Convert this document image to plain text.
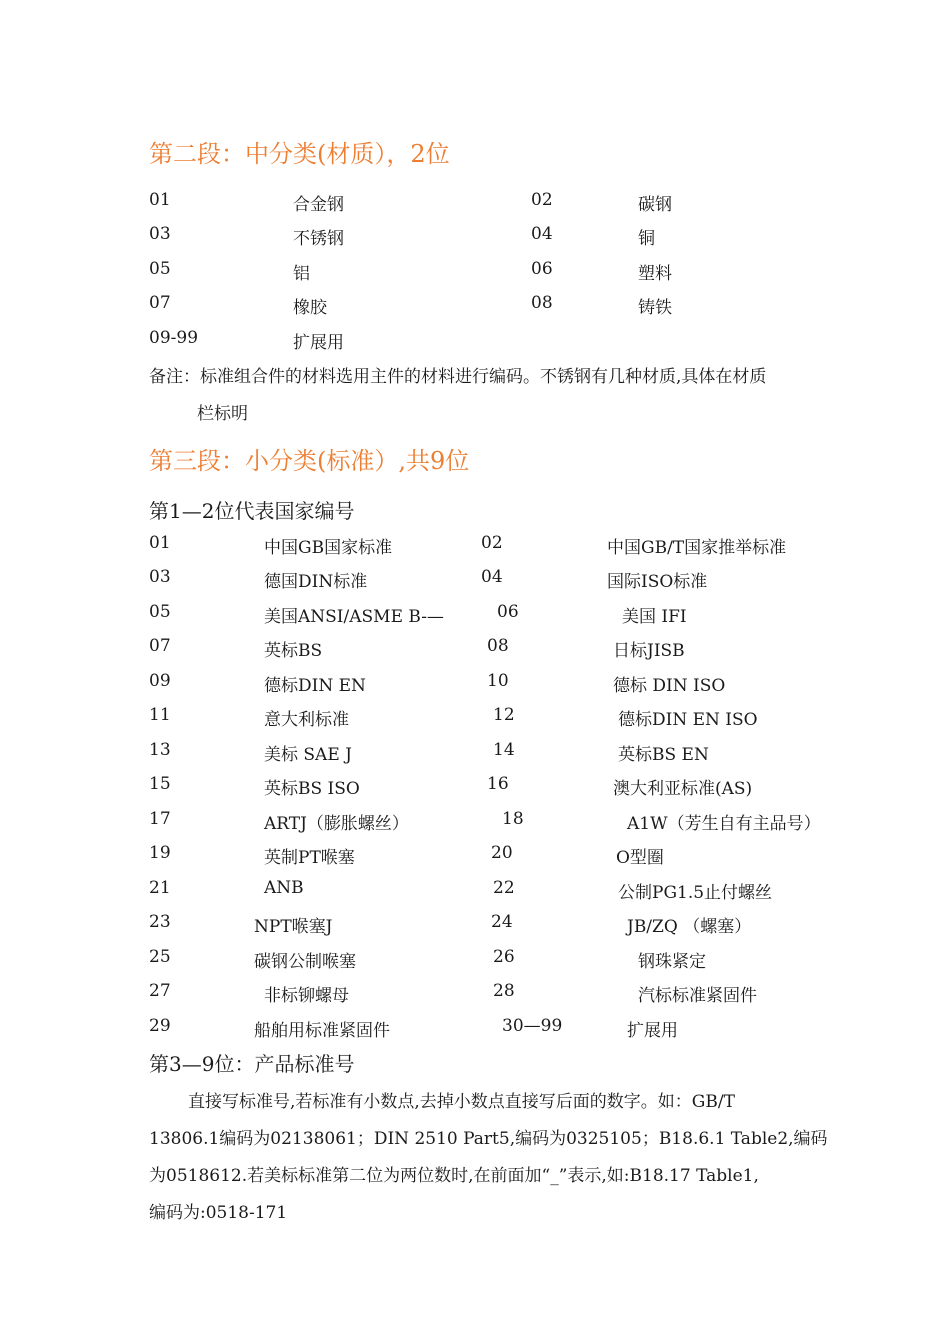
第二段：中分类(材质），2位
01	合金钢	02	碳钢
03	不锈钢	04	铜
05	铝	06	塑料
07	橡胶	08	铸铁
09-99	扩展用
备注：标准组合件的材料选用主件的材料进行编码。不锈钢有几种材质,具体在材质
栏标明
第三段：小分类(标准）,共9位
第1—2位代表国家编号
01	中国GB国家标准	02	中国GB/T国家推举标准
03	德国DIN标准	04	国际ISO标准
05	美国ANSI/ASME B-—	06	美国 IFI
07	英标BS	08	日标JISB
09	德标DIN EN	10	德标 DIN ISO
11	意大利标准	12	德标DIN EN ISO
13	美标 SAE J	14	英标BS EN
15	英标BS ISO	16	澳大利亚标准(AS)
17	ARTJ（膨胀螺丝）	18	A1W（芳生自有主品号）
19	英制PT喉塞	20	O型圈
21	ANB	22	公制PG1.5止付螺丝
23	NPT喉塞J	24	JB/ZQ （螺塞）
25	碳钢公制喉塞	26	钢珠紧定
27	非标铆螺母	28	汽标标准紧固件
29	船舶用标准紧固件	30—99	扩展用
第3—9位：产品标准号
直接写标准号,若标准有小数点,去掉小数点直接写后面的数字。如：GB/T
13806.1编码为02138061；DIN 2510 Part5,编码为0325105；B18.6.1 Table2,编码
为0518612.若美标标准第二位为两位数时,在前面加“_”表示,如:B18.17 Table1,
编码为:0518-171
